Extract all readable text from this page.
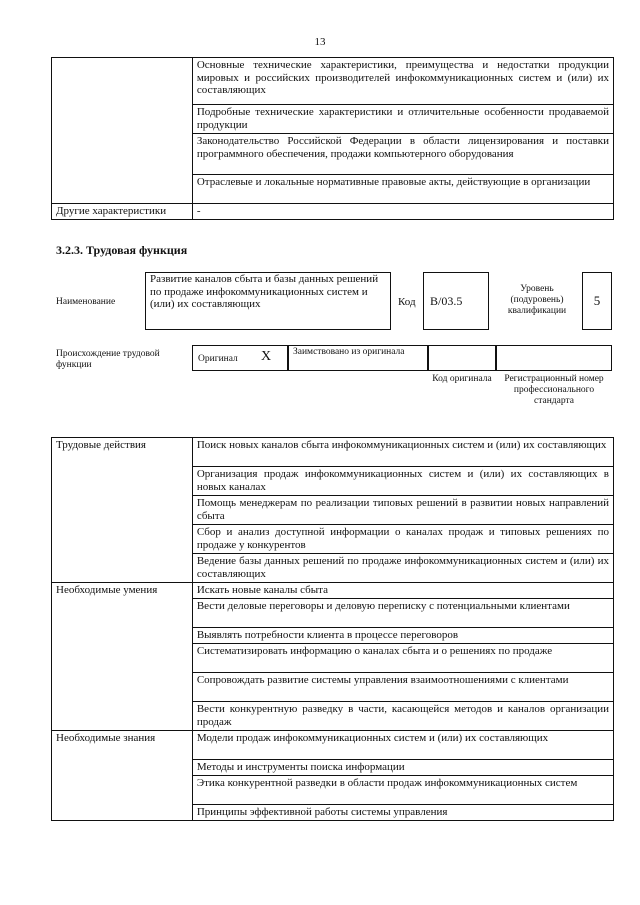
13
	Основные технические характеристики, преимущества и недостатки продукции мировых и российских производителей инфокоммуникационных систем и (или) их составляющих
	Подробные технические характеристики и отличительные особенности продаваемой продукции
	Законодательство Российской Федерации в области лицензирования и поставки программного обеспечения, продажи компьютерного оборудования
	Отраслевые и локальные нормативные правовые акты, действующие в организации
Другие характеристики	-
3.2.3. Трудовая функция
Наименование
Развитие каналов сбыта и базы данных решений по продаже инфокоммуникационных систем и (или) их составляющих	Код	B/03.5
Уровень (подуровень) квалификации
5
Происхождение трудовой функции
Оригинал X	Заимствовано из оригинала
Код оригинала	Регистрационный номер профессионального стандарта
Трудовые действия	Поиск новых каналов сбыта инфокоммуникационных систем и (или) их составляющих
	Организация продаж инфокоммуникационных систем и (или) их составляющих в новых каналах
	Помощь менеджерам по реализации типовых решений в развитии новых направлений сбыта
	Сбор и анализ доступной информации о каналах продаж и типовых решениях по продаже у конкурентов
	Ведение базы данных решений по продаже инфокоммуникационных систем и (или) их составляющих
Необходимые умения	Искать новые каналы сбыта
	Вести деловые переговоры и деловую переписку с потенциальными клиентами
	Выявлять потребности клиента в процессе переговоров
	Систематизировать информацию о каналах сбыта и о решениях по продаже
	Сопровождать развитие системы управления взаимоотношениями с клиентами
	Вести конкурентную разведку в части, касающейся методов и каналов организации продаж
Необходимые знания	Модели продаж инфокоммуникационных систем и (или) их составляющих
	Методы и инструменты поиска информации
	Этика конкурентной разведки в области продаж инфокоммуникационных систем
	Принципы эффективной работы системы управления
